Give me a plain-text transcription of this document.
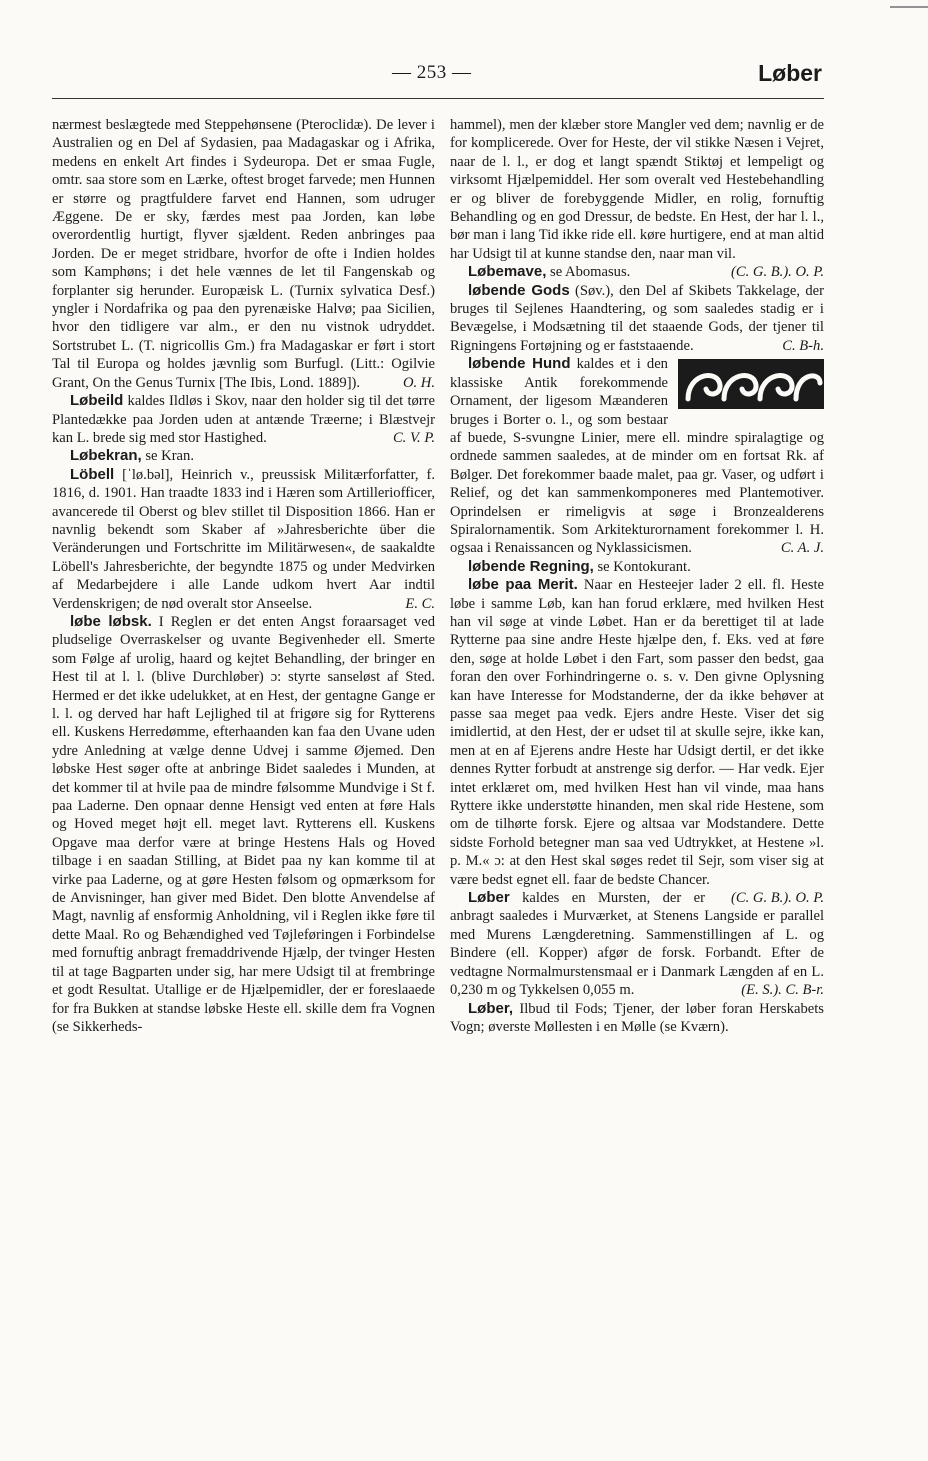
— 253 —	Løber

nærmest beslægtede med Steppehønsene (Pteroclidæ). De lever i Australien og en Del af Sydasien, paa Madagaskar og i Afrika, medens en enkelt Art findes i Sydeuropa. Det er smaa Fugle, omtr. saa store som en Lærke, oftest broget farvede; men Hunnen er større og pragtfuldere farvet end Hannen, som udruger Æggene. De er sky, færdes mest paa Jorden, kan løbe overordentlig hurtigt, flyver sjældent. Reden anbringes paa Jorden. De er meget stridbare, hvorfor de ofte i Indien holdes som Kamphøns; i det hele vænnes de let til Fangenskab og forplanter sig herunder. Europæisk L. (Turnix sylvatica Desf.) yngler i Nordafrika og paa den pyrenæiske Halvø; paa Sicilien, hvor den tidligere var alm., er den nu vistnok udryddet. Sortstrubet L. (T. nigricollis Gm.) fra Madagaskar er ført i stort Tal til Europa og holdes jævnlig som Burfugl. (Litt.: Ogilvie Grant, On the Genus Turnix [The Ibis, Lond. 1889]).	O. H.

Løbeild kaldes Ildløs i Skov, naar den holder sig til det tørre Plantedække paa Jorden uden at antænde Træerne; i Blæstvejr kan L. brede sig med stor Hastighed.	C. V. P.

Løbekran, se Kran.

Löbell [ˈlø.bəl], Heinrich v., preussisk Militærforfatter, f. 1816, d. 1901. Han traadte 1833 ind i Hæren som Artilleriofficer, avancerede til Oberst og blev stillet til Disposition 1866. Han er navnlig bekendt som Skaber af »Jahresberichte über die Veränderungen und Fortschritte im Militärwesen«, de saakaldte Löbell's Jahresberichte, der begyndte 1875 og under Medvirken af Medarbejdere i alle Lande udkom hvert Aar indtil Verdenskrigen; de nød overalt stor Anseelse.	E. C.

løbe løbsk. I Reglen er det enten Angst foraarsaget ved pludselige Overraskelser og uvante Begivenheder ell. Smerte som Følge af urolig, haard og kejtet Behandling, der bringer en Hest til at l. l. (blive Durchløber) ɔ: styrte sanseløst af Sted. Hermed er det ikke udelukket, at en Hest, der gentagne Gange er l. l. og derved har haft Lejlighed til at frigøre sig for Rytterens ell. Kuskens Herredømme, efterhaanden kan faa den Uvane uden ydre Anledning at vælge denne Udvej i samme Øjemed. Den løbske Hest søger ofte at anbringe Bidet saaledes i Munden, at det kommer til at hvile paa de mindre følsomme Mundvige i St f. paa Laderne. Den opnaar denne Hensigt ved enten at føre Hals og Hoved meget højt ell. meget lavt. Rytterens ell. Kuskens Opgave maa derfor være at bringe Hestens Hals og Hoved tilbage i en saadan Stilling, at Bidet paa ny kan komme til at virke paa Laderne, og at gøre Hesten følsom og opmærksom for de Anvisninger, han giver med Bidet. Den blotte Anvendelse af Magt, navnlig af ensformig Anholdning, vil i Reglen ikke føre til dette Maal. Ro og Behændighed ved Tøjleføringen i Forbindelse med fornuftig anbragt fremaddrivende Hjælp, der tvinger Hesten til at tage Bagparten under sig, har mere Udsigt til at frembringe et godt Resultat. Utallige er de Hjælpemidler, der er foreslaaede for fra Bukken at standse løbske Heste ell. skille dem fra Vognen (se Sikkerheds-

hammel), men der klæber store Mangler ved dem; navnlig er de for komplicerede. Over for Heste, der vil stikke Næsen i Vejret, naar de l. l., er dog et langt spændt Stiktøj et lempeligt og virksomt Hjælpemiddel. Her som overalt ved Hestebehandling er og bliver de forebyggende Midler, en rolig, fornuftig Behandling og en god Dressur, de bedste. En Hest, der har l. l., bør man i lang Tid ikke ride ell. køre hurtigere, end at man altid har Udsigt til at kunne standse den, naar man vil.
(C. G. B.). O. P.

Løbemave, se Abomasus.

løbende Gods (Søv.), den Del af Skibets Takkelage, der bruges til Sejlenes Haandtering, og som saaledes stadig er i Bevægelse, i Modsætning til det staaende Gods, der tjener til Rigningens Fortøjning og er faststaaende.	C. B-h.

løbende Hund kaldes et i den klassiske Antik forekommende Ornament, der ligesom Mæanderen bruges i Borter o. l., og som bestaar af buede, S-svungne Linier, mere ell. mindre spiralagtige og ordnede sammen saaledes, at de minder om en fortsat Rk. af Bølger. Det forekommer baade malet, paa gr. Vaser, og udført i Relief, og det kan sammenkomponeres med Plantemotiver. Oprindelsen er rimeligvis at søge i Bronzealderens Spiralornamentik. Som Arkitekturornament forekommer l. H. ogsaa i Renaissancen og Nyklassicismen.	C. A. J.

løbende Regning, se Kontokurant.

løbe paa Merit. Naar en Hesteejer lader 2 ell. fl. Heste løbe i samme Løb, kan han forud erklære, med hvilken Hest han vil søge at vinde Løbet. Han er da berettiget til at lade Rytterne paa sine andre Heste hjælpe den, f. Eks. ved at føre den, søge at holde Løbet i den Fart, som passer den bedst, gaa foran den over Forhindringerne o. s. v. Den givne Oplysning kan have Interesse for Modstanderne, der da ikke behøver at passe saa meget paa vedk. Ejers andre Heste. Viser det sig imidlertid, at den Hest, der er udset til at skulle sejre, ikke kan, men at en af Ejerens andre Heste har Udsigt dertil, er det ikke dennes Rytter forbudt at anstrenge sig derfor. — Har vedk. Ejer intet erklæret om, med hvilken Hest han vil vinde, maa hans Ryttere ikke understøtte hinanden, men skal ride Hestene, som om de tilhørte forsk. Ejere og altsaa var Modstandere. Dette sidste Forhold betegner man saa ved Udtrykket, at Hestene »l. p. M.« ɔ: at den Hest skal søges redet til Sejr, som viser sig at være bedst egnet ell. faar de bedste Chancer.
(C. G. B.). O. P.

Løber kaldes en Mursten, der er anbragt saaledes i Murværket, at Stenens Langside er parallel med Murens Længderetning. Sammenstillingen af L. og Bindere (ell. Kopper) afgør de forsk. Forbandt. Efter de vedtagne Normalmurstensmaal er i Danmark Længden af en L. 0,230 m og Tykkelsen 0,055 m.	(E. S.). C. B-r.

Løber, Ilbud til Fods; Tjener, der løber foran Herskabets Vogn; øverste Møllesten i en Mølle (se Kværn).
